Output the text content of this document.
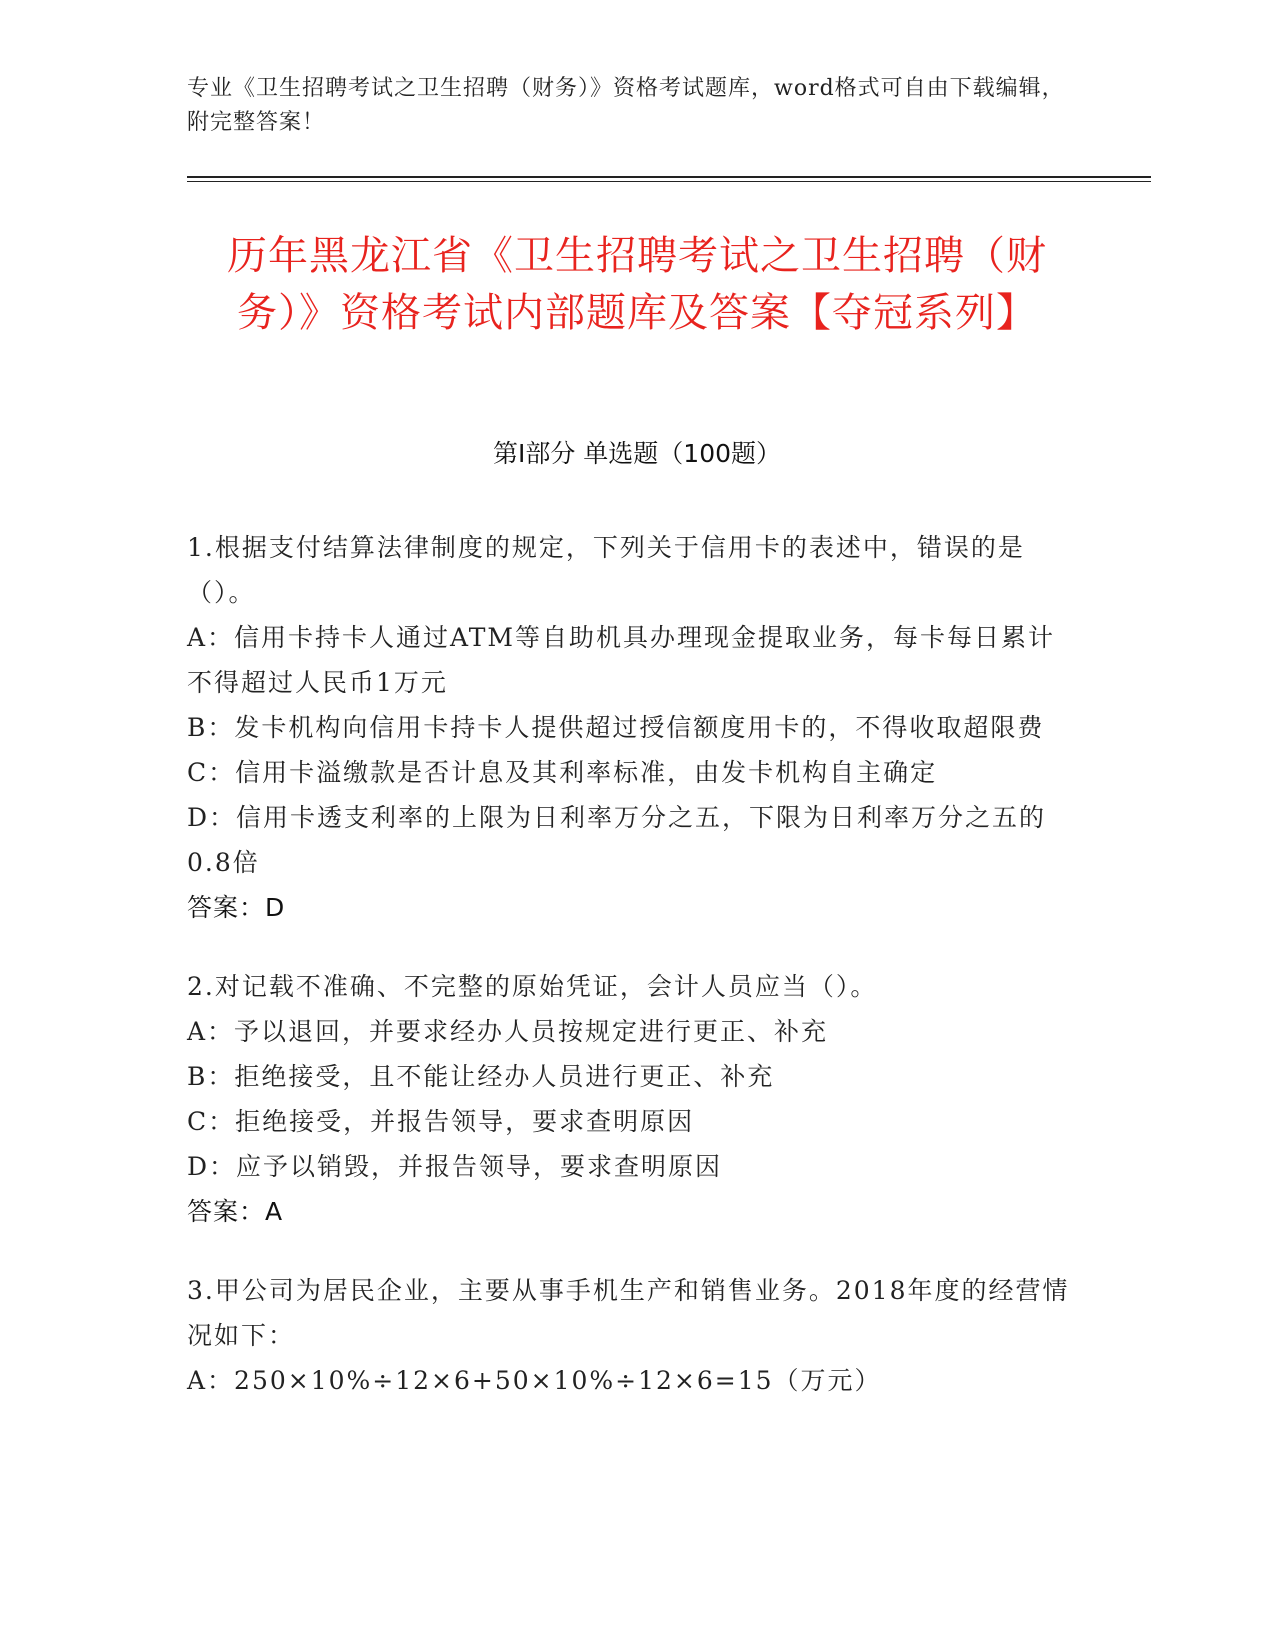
专业《卫生招聘考试之卫生招聘（财务）》资格考试题库，word格式可自由下载编辑，附完整答案！
历年黑龙江省《卫生招聘考试之卫生招聘（财务）》资格考试内部题库及答案【夺冠系列】
第I部分 单选题（100题）

1.根据支付结算法律制度的规定，下列关于信用卡的表述中，错误的是（）。

A：信用卡持卡人通过ATM等自助机具办理现金提取业务，每卡每日累计不得超过人民币1万元

B：发卡机构向信用卡持卡人提供超过授信额度用卡的，不得收取超限费

C：信用卡溢缴款是否计息及其利率标准，由发卡机构自主确定

D：信用卡透支利率的上限为日利率万分之五，下限为日利率万分之五的0.8倍

答案：D

2.对记载不准确、不完整的原始凭证，会计人员应当（）。

A：予以退回，并要求经办人员按规定进行更正、补充

B：拒绝接受，且不能让经办人员进行更正、补充

C：拒绝接受，并报告领导，要求查明原因

D：应予以销毁，并报告领导，要求查明原因

答案：A

3.甲公司为居民企业，主要从事手机生产和销售业务。2018年度的经营情况如下：

A：250×10%÷12×6+50×10%÷12×6=15（万元）
